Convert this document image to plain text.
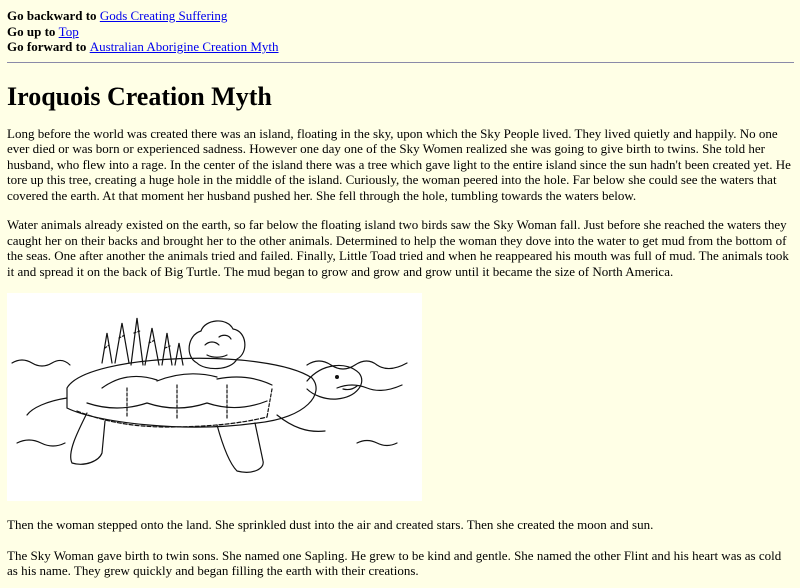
Go backward to Gods Creating Suffering
Go up to Top
Go forward to Australian Aborigine Creation Myth
Iroquois Creation Myth

Long before the world was created there was an island, floating in the sky, upon which the Sky People lived. They lived quietly and happily. No one ever died or was born or experienced sadness. However one day one of the Sky Women realized she was going to give birth to twins. She told her husband, who flew into a rage. In the center of the island there was a tree which gave light to the entire island since the sun hadn't been created yet. He tore up this tree, creating a huge hole in the middle of the island. Curiously, the woman peered into the hole. Far below she could see the waters that covered the earth. At that moment her husband pushed her. She fell through the hole, tumbling towards the waters below.

Water animals already existed on the earth, so far below the floating island two birds saw the Sky Woman fall. Just before she reached the waters they caught her on their backs and brought her to the other animals. Determined to help the woman they dove into the water to get mud from the bottom of the seas. One after another the animals tried and failed. Finally, Little Toad tried and when he reappeared his mouth was full of mud. The animals took it and spread it on the back of Big Turtle. The mud began to grow and grow and grow until it became the size of North America.

Then the woman stepped onto the land. She sprinkled dust into the air and created stars. Then she created the moon and sun.

The Sky Woman gave birth to twin sons. She named one Sapling. He grew to be kind and gentle. She named the other Flint and his heart was as cold as his name. They grew quickly and began filling the earth with their creations.
